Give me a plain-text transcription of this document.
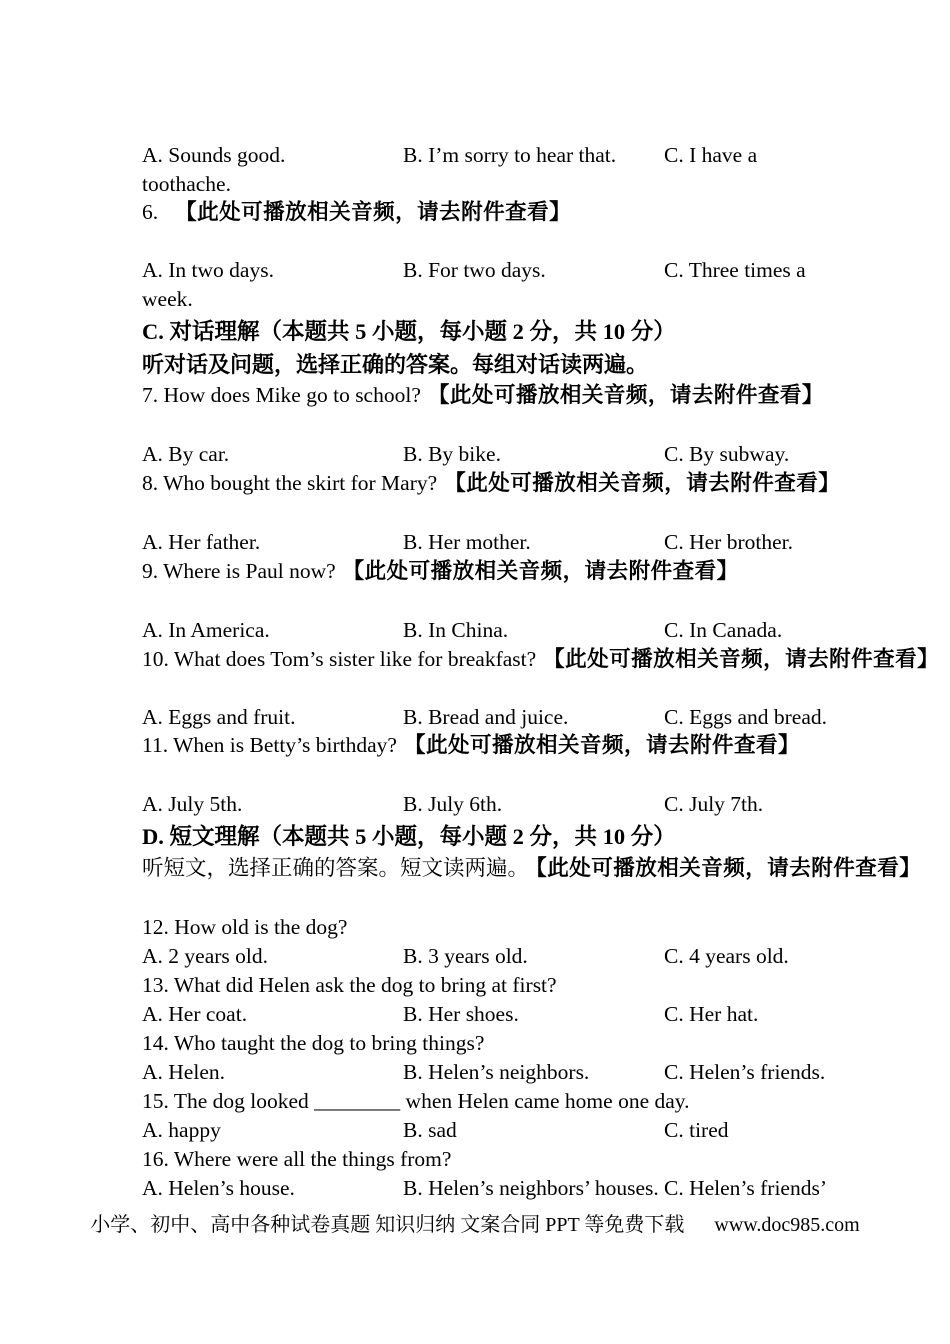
A. Sounds good.	B. I’m sorry to hear that. C. I have a
toothache.
6. 【此处可播放相关音频，请去附件查看】
A. In two days.	B. For two days.	C. Three times a
week.
C. 对话理解（本题共 5 小题，每小题 2 分，共 10 分）
听对话及问题，选择正确的答案。每组对话读两遍。
7. How does Mike go to school? 【此处可播放相关音频，请去附件查看】
A. By car.	B. By bike.	C. By subway.
8. Who bought the skirt for Mary? 【此处可播放相关音频，请去附件查看】
A. Her father.	B. Her mother.	C. Her brother.
9. Where is Paul now? 【此处可播放相关音频，请去附件查看】
A. In America.	B. In China.	C. In Canada.
10. What does Tom’s sister like for breakfast? 【此处可播放相关音频，请去附件查看】
A. Eggs and fruit.	B. Bread and juice.	C. Eggs and bread.
11. When is Betty’s birthday? 【此处可播放相关音频，请去附件查看】
A. July 5th.	B. July 6th.	C. July 7th.
D. 短文理解（本题共 5 小题，每小题 2 分，共 10 分）
听短文，选择正确的答案。短文读两遍。 【此处可播放相关音频，请去附件查看】
12. How old is the dog?
A. 2 years old.	B. 3 years old.	C. 4 years old.
13. What did Helen ask the dog to bring at first?
A. Her coat.	B. Her shoes.	C. Her hat.
14. Who taught the dog to bring things?
A. Helen.	B. Helen’s neighbors.	C. Helen’s friends.
15. The dog looked ________ when Helen came home one day.
A. happy	B. sad	C. tired
16. Where were all the things from?
A. Helen’s house.	B. Helen’s neighbors’ houses. C. Helen’s friends’
小学、初中、高中各种试卷真题 知识归纳 文案合同 PPT 等免费下载 www.doc985.com
